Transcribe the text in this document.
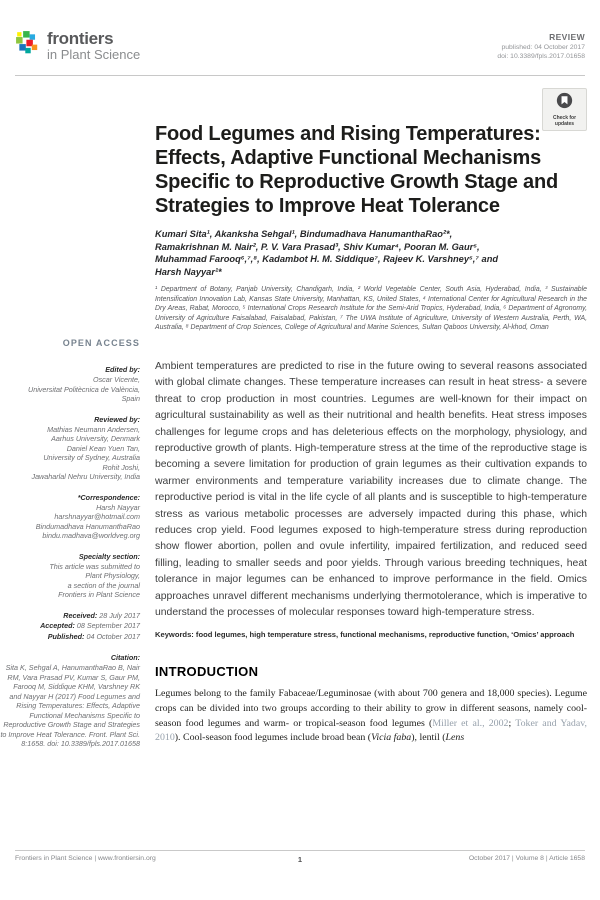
frontiers
in Plant Science
REVIEW
published: 04 October 2017
doi: 10.3389/fpls.2017.01658
Check for updates
Food Legumes and Rising Temperatures: Effects, Adaptive Functional Mechanisms Specific to Reproductive Growth Stage and Strategies to Improve Heat Tolerance
Kumari Sita¹, Akanksha Sehgal¹, Bindumadhava HanumanthaRao²*,
Ramakrishnan M. Nair², P. V. Vara Prasad³, Shiv Kumar⁴, Pooran M. Gaur⁵,
Muhammad Farooq⁶,⁷,⁸, Kadambot H. M. Siddique⁷, Rajeev K. Varshney⁵,⁷ and
Harsh Nayyar¹*
¹ Department of Botany, Panjab University, Chandigarh, India, ² World Vegetable Center, South Asia, Hyderabad, India, ³ Sustainable Intensification Innovation Lab, Kansas State University, Manhattan, KS, United States, ⁴ International Center for Agricultural Research in the Dry Areas, Rabat, Morocco, ⁵ International Crops Research Institute for the Semi-Arid Tropics, Hyderabad, India, ⁶ Department of Agronomy, University of Agriculture Faisalabad, Faisalabad, Pakistan, ⁷ The UWA Institute of Agriculture, University of Western Australia, Perth, WA, Australia, ⁸ Department of Crop Sciences, College of Agricultural and Marine Sciences, Sultan Qaboos University, Al-khod, Oman
Ambient temperatures are predicted to rise in the future owing to several reasons associated with global climate changes. These temperature increases can result in heat stress- a severe threat to crop production in most countries. Legumes are well-known for their impact on agricultural sustainability as well as their nutritional and health benefits. Heat stress imposes challenges for legume crops and has deleterious effects on the morphology, physiology, and reproductive growth of plants. High-temperature stress at the time of the reproductive stage is becoming a severe limitation for production of grain legumes as their cultivation expands to warmer environments and temperature variability increases due to climate change. The reproductive period is vital in the life cycle of all plants and is susceptible to high-temperature stress as various metabolic processes are adversely impacted during this phase, which reduces crop yield. Food legumes exposed to high-temperature stress during reproduction show flower abortion, pollen and ovule infertility, impaired fertilization, and reduced seed filling, leading to smaller seeds and poor yields. Through various breeding techniques, heat tolerance in major legumes can be enhanced to improve performance in the field. Omics approaches unravel different mechanisms underlying thermotolerance, which is imperative to understand the processes of molecular responses toward high-temperature stress.
Keywords: food legumes, high temperature stress, functional mechanisms, reproductive function, ‘Omics’ approach
INTRODUCTION
Legumes belong to the family Fabaceae/Leguminosae (with about 700 genera and 18,000 species). Legume crops can be divided into two groups according to their ability to grow in different seasons, namely cool-season food legumes and warm- or tropical-season food legumes (Miller et al., 2002; Toker and Yadav, 2010). Cool-season food legumes include broad bean (Vicia faba), lentil (Lens
OPEN ACCESS
Edited by:
Oscar Vicente,
Universitat Politècnica de València,
Spain
Reviewed by:
Mathias Neumann Andersen,
Aarhus University, Denmark
Daniel Kean Yuen Tan,
University of Sydney, Australia
Rohit Joshi,
Jawaharlal Nehru University, India
*Correspondence:
Harsh Nayyar
harshnayyar@hotmail.com
Bindumadhava HanumanthaRao
bindu.madhava@worldveg.org
Specialty section:
This article was submitted to
Plant Physiology,
a section of the journal
Frontiers in Plant Science
Received: 28 July 2017
Accepted: 08 September 2017
Published: 04 October 2017
Citation:
Sita K, Sehgal A, HanumanthaRao B, Nair RM, Vara Prasad PV, Kumar S, Gaur PM, Farooq M, Siddique KHM, Varshney RK and Nayyar H (2017) Food Legumes and Rising Temperatures: Effects, Adaptive Functional Mechanisms Specific to Reproductive Growth Stage and Strategies to Improve Heat Tolerance. Front. Plant Sci. 8:1658. doi: 10.3389/fpls.2017.01658
Frontiers in Plant Science | www.frontiersin.org	1	October 2017 | Volume 8 | Article 1658
